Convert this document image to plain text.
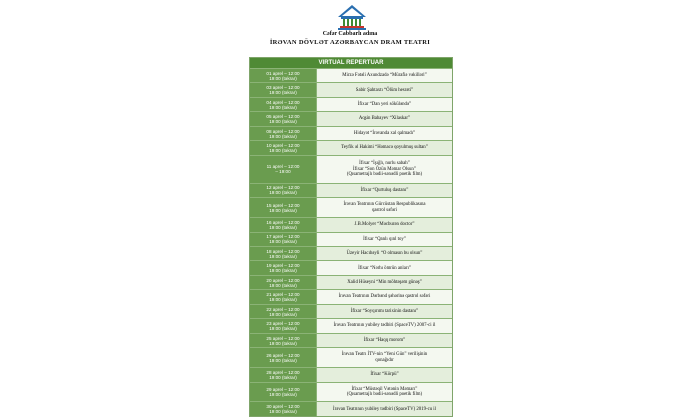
Cəfər Cabbarlı adına
İRƏVAN DÖVLƏT AZƏRBAYCAN DRAM TEATRI
VIRTUAL REPERTUAR
01 aprel – 12:00
19:00 (təkrar)
Mirzə Fətəli Axundzadə “Mürafiə vəkilləri”
03 aprel – 12:00
19:00 (təkrar)
Sabir Şahtaxtı “Ölüm hesrəti”
04 aprel – 12:00
19:00 (təkrar)
İfixar “Dan yeri söküləndə”
05 aprel – 12:00
19:00 (təkrar)
Aqşin Babayev “Xilaskar”
08 aprel – 12:00
19:00 (təkrar)
Hidayət “İrəvanda xal qalmadı”
10 aprel – 12:00
19:00 (təkrar)
Teyfik əl Hakimi “Həmacə qoyulmuş sultan”
11 aprel – 12:00
– 19:00
İfixar “İşığlı, nurlu sabah”
İfixar “Son Özün Məmar Olsun”
(Qısametrajlı bədii-sənədli poetik film)
12 aprel – 12:00
19:00 (təkrar)
İfixar “Qurtuluş dastanı”
15 aprel – 12:00
19:00 (təkrar)
İrəvan Teatrının Gürcüstan Respublikasına
qastrol səfəri
16 aprel – 12:00
19:00 (təkrar)
J.B.Molyer “Məcburən doctor”
17 aprel – 12:00
19:00 (təkrar)
İfixar “Qanlı qınl toy”
18 aprel – 12:00
19:00 (təkrar)
Üzeyir Hacıbəyli “O olmasın bu olsun”
19 aprel – 12:00
19:00 (təkrar)
İfixar “Nərhı ömrün anları”
20 aprel – 12:00
19:00 (təkrar)
Xalid Hüseyni “Min möhtəşəm günəş”
21 aprel – 12:00
19:00 (təkrar)
İrəvan Teatrının Dərbənd şəhərinə qastrol səfəri
22 aprel – 12:00
19:00 (təkrar)
İfixar “Soyqırımı tarixinin dastanı”
23 aprel – 12:00
19:00 (təkrar)
İrəvan Teatrının yubiley tədbiri (SpaceTV) 2007-ci il
25 aprel – 12:00
19:00 (təkrar)
İfixar “Haqq morom”
26 aprel – 12:00
19:00 (təkrar)
İrəvan Teatrı İTV-nin “Yeni Gün” verilişinin
qonağıdır
28 aprel – 12:00
19:00 (təkrar)
İfixar “Körpü”
29 aprel – 12:00
19:00 (təkrar)
İfixar “Müstəqil Vətənin Məmarı”
(Qısametrajlı bədii-sənədli poetik film)
30 aprel – 12:00
19:00 (təkrar)
İrəvan Teatrının yubiley tədbiri (SpaceTV) 2019-cu il
